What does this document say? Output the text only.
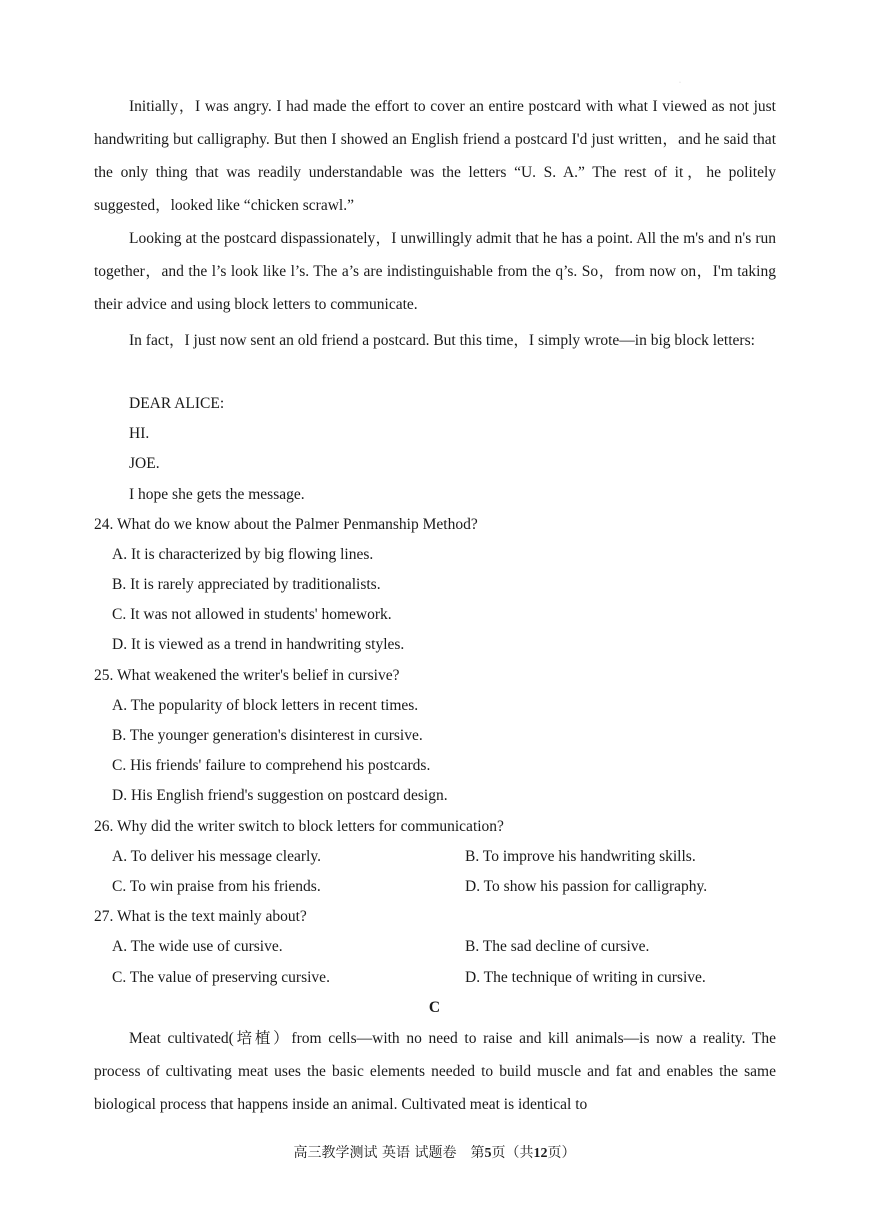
·

Initially，I was angry. I had made the effort to cover an entire postcard with what I viewed as not just handwriting but calligraphy. But then I showed an English friend a postcard I'd just written，and he said that the only thing that was readily understandable was the letters “U. S. A.” The rest of it，he politely suggested，looked like “chicken scrawl.”

Looking at the postcard dispassionately，I unwillingly admit that he has a point. All the m's and n's run together，and the l’s look like l’s. The a’s are indistinguishable from the q’s. So，from now on，I'm taking their advice and using block letters to communicate.

In fact，I just now sent an old friend a postcard. But this time，I simply wrote—in big block letters:

DEAR ALICE:

HI.

JOE.

I hope she gets the message.

24. What do we know about the Palmer Penmanship Method?

A. It is characterized by big flowing lines.

B. It is rarely appreciated by traditionalists.

C. It was not allowed in students' homework.

D. It is viewed as a trend in handwriting styles.

25. What weakened the writer's belief in cursive?

A. The popularity of block letters in recent times.

B. The younger generation's disinterest in cursive.

C. His friends' failure to comprehend his postcards.

D. His English friend's suggestion on postcard design.

26. Why did the writer switch to block letters for communication?

A. To deliver his message clearly.	B. To improve his handwriting skills.

C. To win praise from his friends.	D. To show his passion for calligraphy.

27. What is the text mainly about?

A. The wide use of cursive.	B. The sad decline of cursive.

C. The value of preserving cursive.	D. The technique of writing in cursive.

C

Meat cultivated(培植）from cells—with no need to raise and kill animals—is now a reality. The process of cultivating meat uses the basic elements needed to build muscle and fat and enables the same biological process that happens inside an animal. Cultivated meat is identical to

高三教学测试 英语 试题卷　第5页（共12页）
